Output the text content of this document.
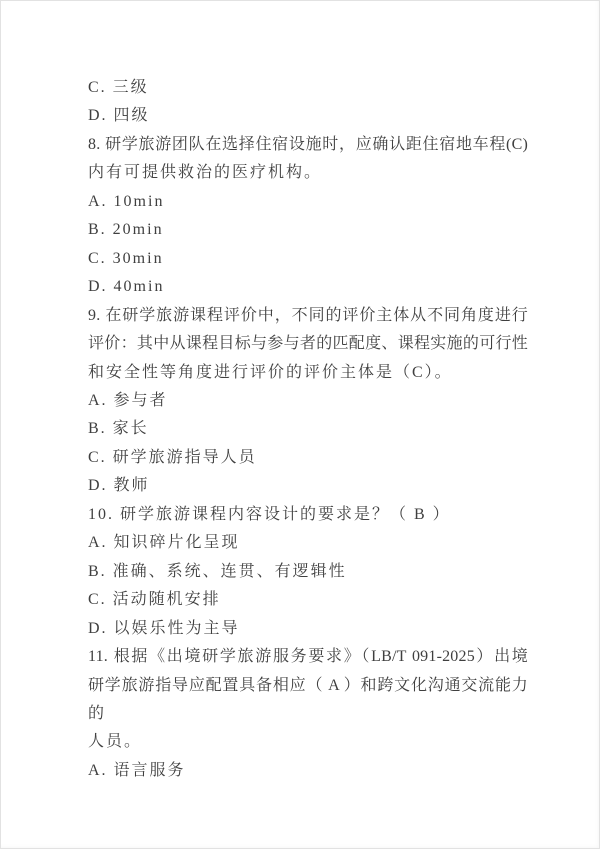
C. 三级
D. 四级
8. 研学旅游团队在选择住宿设施时，应确认距住宿地车程(C)
内有可提供救治的医疗机构。
A. 10min
B. 20min
C. 30min
D. 40min
9. 在研学旅游课程评价中，不同的评价主体从不同角度进行
评价：其中从课程目标与参与者的匹配度、课程实施的可行性
和安全性等角度进行评价的评价主体是（C）。
A. 参与者
B. 家长
C. 研学旅游指导人员
D. 教师
10. 研学旅游课程内容设计的要求是？（ B ）
A. 知识碎片化呈现
B. 准确、系统、连贯、有逻辑性
C. 活动随机安排
D. 以娱乐性为主导
11. 根据《出境研学旅游服务要求》（LB/T 091-2025）出境
研学旅游指导应配置具备相应（ A ）和跨文化沟通交流能力的
人员。
A. 语言服务
